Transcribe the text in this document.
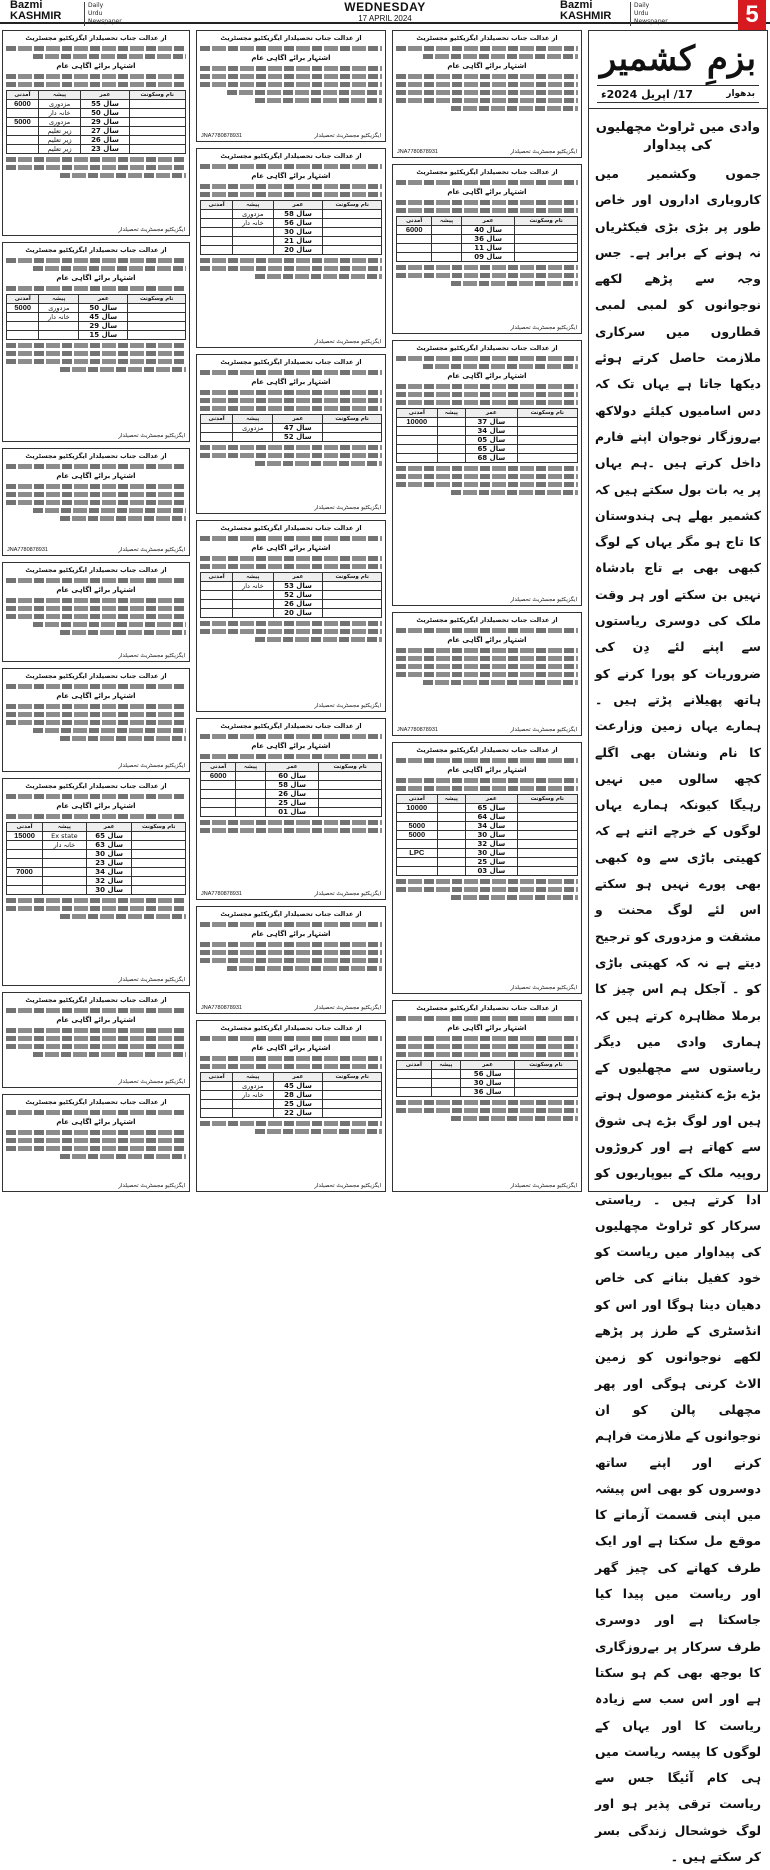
Bazmi
KASHMIR
Daily
Urdu Newspaper
WEDNESDAY
17 APRIL 2024
Bazmi
KASHMIR
Daily
Urdu Newspaper	5
از عدالت جناب تحصیلدار ایگزیکٹیو مجسٹریٹ
اشتہار برائے اگاہی عام
آمدنی	پیشہ	عمر	نام وسکونت
6000	مزدوری	55 سال	
	خانہ دار	50 سال	
5000	مزدوری	29 سال	
	زیر تعلیم	27 سال	
	زیر تعلیم	26 سال	
	زیر تعلیم	23 سال	
ایگزیکٹیو مجسٹریٹ تحصیلدار
از عدالت جناب تحصیلدار ایگزیکٹیو مجسٹریٹ
اشتہار برائے اگاہی عام
آمدنی	پیشہ	عمر	نام وسکونت
5000	مزدوری	50 سال	
	خانہ دار	45 سال	
		29 سال	
		15 سال	
ایگزیکٹیو مجسٹریٹ تحصیلدار
از عدالت جناب تحصیلدار ایگزیکٹیو مجسٹریٹ
اشتہار برائے اگاہی عام
JNA7780878931	ایگزیکٹیو مجسٹریٹ تحصیلدار
از عدالت جناب تحصیلدار ایگزیکٹیو مجسٹریٹ
اشتہار برائے اگاہی عام
ایگزیکٹیو مجسٹریٹ تحصیلدار
از عدالت جناب تحصیلدار ایگزیکٹیو مجسٹریٹ
اشتہار برائے اگاہی عام
ایگزیکٹیو مجسٹریٹ تحصیلدار
از عدالت جناب تحصیلدار ایگزیکٹیو مجسٹریٹ
اشتہار برائے اگاہی عام
آمدنی	پیشہ	عمر	نام وسکونت
15000	Ex state	65 سال	
	خانہ دار	63 سال	
		30 سال	
		23 سال	
7000		34 سال	
		32 سال	
		30 سال	
ایگزیکٹیو مجسٹریٹ تحصیلدار
از عدالت جناب تحصیلدار ایگزیکٹیو مجسٹریٹ
اشتہار برائے اگاہی عام
ایگزیکٹیو مجسٹریٹ تحصیلدار
از عدالت جناب تحصیلدار ایگزیکٹیو مجسٹریٹ
اشتہار برائے اگاہی عام
ایگزیکٹیو مجسٹریٹ تحصیلدار
از عدالت جناب تحصیلدار ایگزیکٹیو مجسٹریٹ
اشتہار برائے اگاہی عام
JNA7780878931	ایگزیکٹیو مجسٹریٹ تحصیلدار
از عدالت جناب تحصیلدار ایگزیکٹیو مجسٹریٹ
اشتہار برائے اگاہی عام
آمدنی	پیشہ	عمر	نام وسکونت
	مزدوری	58 سال	
	خانہ دار	56 سال	
		30 سال	
		21 سال	
		20 سال	
ایگزیکٹیو مجسٹریٹ تحصیلدار
از عدالت جناب تحصیلدار ایگزیکٹیو مجسٹریٹ
اشتہار برائے اگاہی عام
آمدنی	پیشہ	عمر	نام وسکونت
	مزدوری	47 سال	
		52 سال	
ایگزیکٹیو مجسٹریٹ تحصیلدار
از عدالت جناب تحصیلدار ایگزیکٹیو مجسٹریٹ
اشتہار برائے اگاہی عام
آمدنی	پیشہ	عمر	نام وسکونت
	خانہ دار	53 سال	
		52 سال	
		26 سال	
		20 سال	
ایگزیکٹیو مجسٹریٹ تحصیلدار
از عدالت جناب تحصیلدار ایگزیکٹیو مجسٹریٹ
اشتہار برائے اگاہی عام
آمدنی	پیشہ	عمر	نام وسکونت
6000		60 سال	
		58 سال	
		26 سال	
		25 سال	
		01 سال	
JNA7780878931	ایگزیکٹیو مجسٹریٹ تحصیلدار
از عدالت جناب تحصیلدار ایگزیکٹیو مجسٹریٹ
اشتہار برائے اگاہی عام
JNA7780878931	ایگزیکٹیو مجسٹریٹ تحصیلدار
از عدالت جناب تحصیلدار ایگزیکٹیو مجسٹریٹ
اشتہار برائے اگاہی عام
آمدنی	پیشہ	عمر	نام وسکونت
	مزدوری	45 سال	
	خانہ دار	28 سال	
		25 سال	
		22 سال	
ایگزیکٹیو مجسٹریٹ تحصیلدار
از عدالت جناب تحصیلدار ایگزیکٹیو مجسٹریٹ
اشتہار برائے اگاہی عام
JNA7780878931	ایگزیکٹیو مجسٹریٹ تحصیلدار
از عدالت جناب تحصیلدار ایگزیکٹیو مجسٹریٹ
اشتہار برائے اگاہی عام
آمدنی	پیشہ	عمر	نام وسکونت
6000		40 سال	
		36 سال	
		11 سال	
		09 سال	
ایگزیکٹیو مجسٹریٹ تحصیلدار
از عدالت جناب تحصیلدار ایگزیکٹیو مجسٹریٹ
اشتہار برائے اگاہی عام
آمدنی	پیشہ	عمر	نام وسکونت
10000		37 سال	
		34 سال	
		05 سال	
		65 سال	
		68 سال	
ایگزیکٹیو مجسٹریٹ تحصیلدار
از عدالت جناب تحصیلدار ایگزیکٹیو مجسٹریٹ
اشتہار برائے اگاہی عام
JNA7780878931	ایگزیکٹیو مجسٹریٹ تحصیلدار
از عدالت جناب تحصیلدار ایگزیکٹیو مجسٹریٹ
اشتہار برائے اگاہی عام
آمدنی	پیشہ	عمر	نام وسکونت
10000		65 سال	
		64 سال	
5000		34 سال	
5000		30 سال	
		32 سال	
LPC		30 سال	
		25 سال	
		03 سال	
ایگزیکٹیو مجسٹریٹ تحصیلدار
از عدالت جناب تحصیلدار ایگزیکٹیو مجسٹریٹ
اشتہار برائے اگاہی عام
آمدنی	پیشہ	عمر	نام وسکونت
		56 سال	
		30 سال	
		36 سال	
ایگزیکٹیو مجسٹریٹ تحصیلدار
بزمِ کشمیر
بدھوار
17/ اپریل 2024ء
وادی میں ٹراوٹ مچھلیوں کی پیداوار
جموں وکشمیر میں کاروباری اداروں اور خاص طور پر بڑی بڑی فیکٹریاں نہ ہونے کے برابر ہے۔ جس وجہ سے پڑھے لکھے نوجوانوں کو لمبی لمبی قطاروں میں سرکاری ملازمت حاصل کرتے ہوئے دیکھا جاتا ہے یہاں تک کہ دس اسامیوں کیلئے دولاکھ بےروزگار نوجوان اپنے فارم داخل کرتے ہیں ۔ہم یہاں پر یہ بات بول سکتے ہیں کہ کشمیر بھلے ہی ہندوستان کا تاج ہو مگر یہاں کے لوگ کبھی بھی بے تاج بادشاہ نہیں بن سکتے اور ہر وقت ملک کی دوسری ریاستوں سے اپنے لئے دِن کی ضروریات کو پورا کرنے کو ہاتھ پھیلانے پڑتے ہیں ۔ ہمارے یہاں زمین وزارعت کا نام ونشان بھی اگلے کچھ سالوں میں نہیں رہیگا کیونکہ ہمارے یہاں لوگوں کے خرچے اتنے ہے کہ کھیتی باڑی سے وہ کبھی بھی پورے نہیں ہو سکتے اس لئے لوگ محنت و مشقت و مزدوری کو ترجیح دیتے ہے نہ کہ کھیتی باڑی کو ۔ آجکل ہم اس چیز کا برملا مظاہرہ کرتے ہیں کہ ہماری وادی میں دیگر ریاستوں سے مچھلیوں کے بڑے بڑے کنٹینر موصول ہوتے ہیں اور لوگ بڑے ہی شوق سے کھاتے ہے اور کروڑوں روپیہ ملک کے بیوپاریوں کو ادا کرتے ہیں ۔ ریاستی سرکار کو ٹراوٹ مچھلیوں کی پیداوار میں ریاست کو خود کفیل بنانے کی خاص دھیان دینا ہوگا اور اس کو انڈسٹری کے طرز پر پڑھے لکھے نوجوانوں کو زمین الاٹ کرنی ہوگی اور پھر مچھلی پالن کو ان نوجوانوں کے ملازمت فراہم کرنے اور اپنے ساتھ دوسروں کو بھی اس پیشہ میں اپنی قسمت آزمانے کا موقع مل سکتا ہے اور ایک طرف کھانے کی چیز گھر اور ریاست میں پیدا کیا جاسکتا ہے اور دوسری طرف سرکار پر بےروزگاری کا بوجھ بھی کم ہو سکتا ہے اور اس سب سے زیادہ ریاست کا اور یہاں کے لوگوں کا پیسہ ریاست میں ہی کام آئیگا جس سے ریاست ترقی پذیر ہو اور لوگ خوشحال زندگی بسر کر سکتے ہیں ۔
